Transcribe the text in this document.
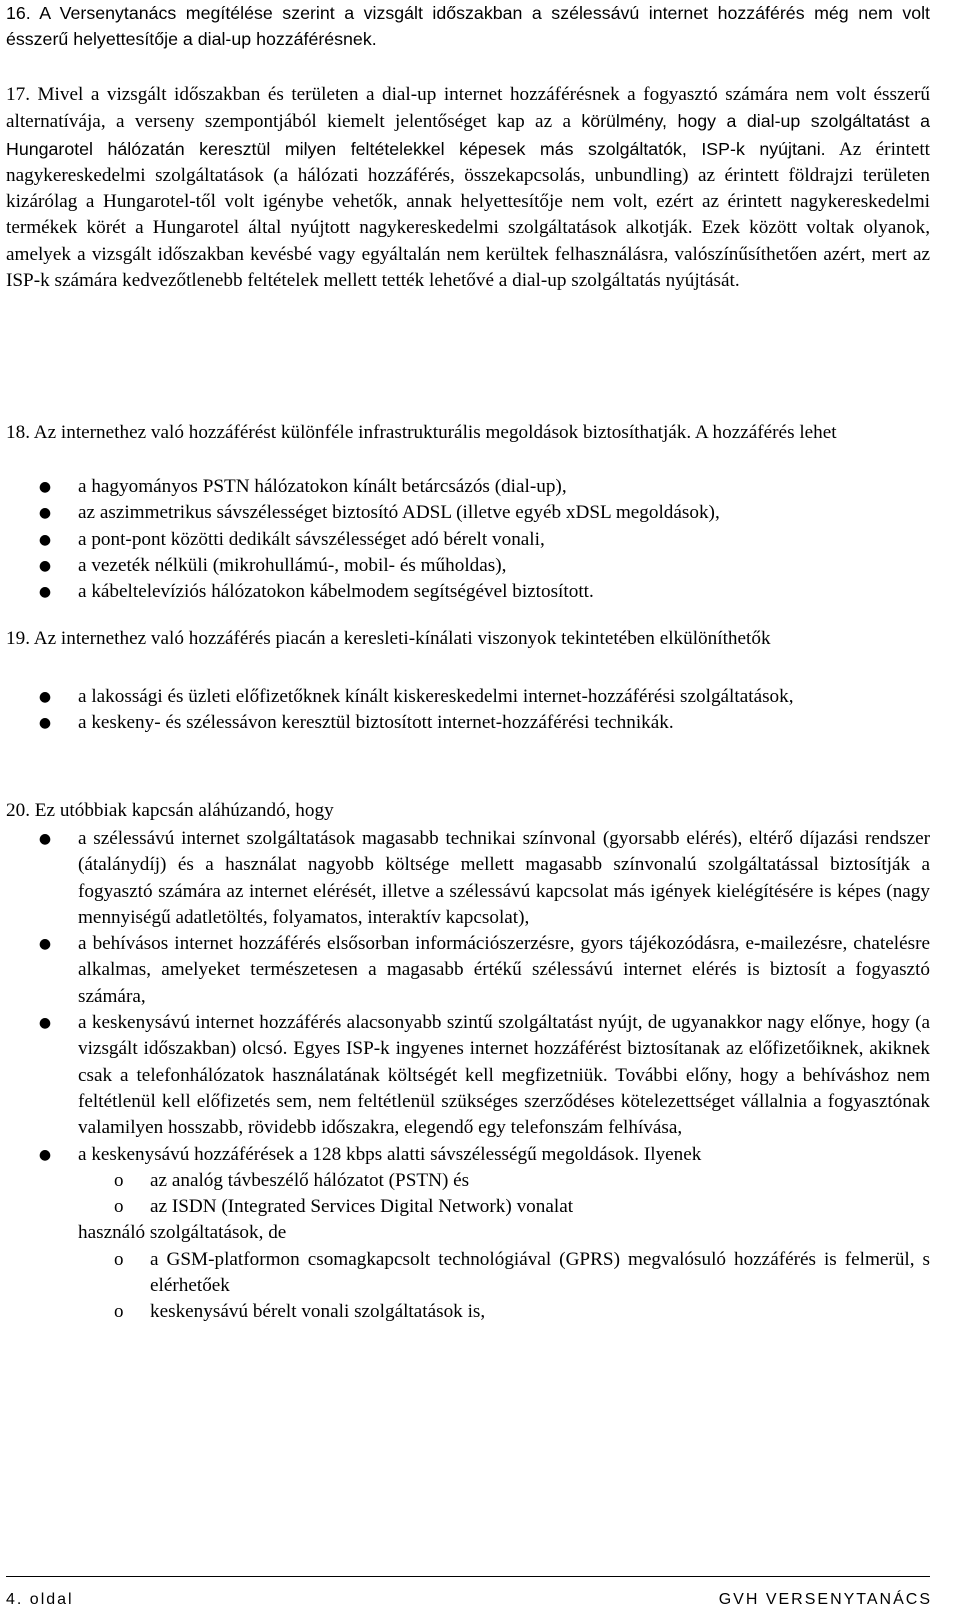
16. A Versenytanács megítélése szerint a vizsgált időszakban a szélessávú internet hozzáférés még nem volt ésszerű helyettesítője a dial-up hozzáférésnek.

17. Mivel a vizsgált időszakban és területen a dial-up internet hozzáférésnek a fogyasztó számára nem volt ésszerű alternatívája, a verseny szempontjából kiemelt jelentőséget kap az a körülmény, hogy a dial-up szolgáltatást a Hungarotel hálózatán keresztül milyen feltételekkel képesek más szolgáltatók, ISP-k nyújtani. Az érintett nagykereskedelmi szolgáltatások (a hálózati hozzáférés, összekapcsolás, unbundling) az érintett földrajzi területen kizárólag a Hungarotel-től volt igénybe vehetők, annak helyettesítője nem volt, ezért az érintett nagykereskedelmi termékek körét a Hungarotel által nyújtott nagykereskedelmi szolgáltatások alkotják. Ezek között voltak olyanok, amelyek a vizsgált időszakban kevésbé vagy egyáltalán nem kerültek felhasználásra, valószínűsíthetően azért, mert az ISP-k számára kedvezőtlenebb feltételek mellett tették lehetővé a dial-up szolgáltatás nyújtását.

18. Az internethez való hozzáférést különféle infrastrukturális megoldások biztosíthatják. A hozzáférés lehet

● a hagyományos PSTN hálózatokon kínált betárcsázós (dial-up),
● az aszimmetrikus sávszélességet biztosító ADSL (illetve egyéb xDSL megoldások),
● a pont-pont közötti dedikált sávszélességet adó bérelt vonali,
● a vezeték nélküli (mikrohullámú-, mobil- és műholdas),
● a kábeltelevíziós hálózatokon kábelmodem segítségével biztosított.

19. Az internethez való hozzáférés piacán a keresleti-kínálati viszonyok tekintetében elkülöníthetők

● a lakossági és üzleti előfizetőknek kínált kiskereskedelmi internet-hozzáférési szolgáltatások,
● a keskeny- és szélessávon keresztül biztosított internet-hozzáférési technikák.

20. Ez utóbbiak kapcsán aláhúzandó, hogy

● a szélessávú internet szolgáltatások magasabb technikai színvonal (gyorsabb elérés), eltérő díjazási rendszer (átalánydíj) és a használat nagyobb költsége mellett magasabb színvonalú szolgáltatással biztosítják a fogyasztó számára az internet elérését, illetve a szélessávú kapcsolat más igények kielégítésére is képes (nagy mennyiségű adatletöltés, folyamatos, interaktív kapcsolat),
● a behívásos internet hozzáférés elsősorban információszerzésre, gyors tájékozódásra, e-mailezésre, chatelésre alkalmas, amelyeket természetesen a magasabb értékű szélessávú internet elérés is biztosít a fogyasztó számára,
● a keskenysávú internet hozzáférés alacsonyabb szintű szolgáltatást nyújt, de ugyanakkor nagy előnye, hogy (a vizsgált időszakban) olcsó. Egyes ISP-k ingyenes internet hozzáférést biztosítanak az előfizetőiknek, akiknek csak a telefonhálózatok használatának költségét kell megfizetniük. További előny, hogy a behíváshoz nem feltétlenül kell előfizetés sem, nem feltétlenül szükséges szerződéses kötelezettséget vállalnia a fogyasztónak valamilyen hosszabb, rövidebb időszakra, elegendő egy telefonszám felhívása,
● a keskenysávú hozzáférések a 128 kbps alatti sávszélességű megoldások. Ilyenek
o	az analóg távbeszélő hálózatot (PSTN) és
o	az ISDN (Integrated Services Digital Network) vonalat
használó szolgáltatások, de
o	a GSM-platformon csomagkapcsolt technológiával (GPRS) megvalósuló hozzáférés is felmerül, s elérhetőek
o	keskenysávú bérelt vonali szolgáltatások is,
4. oldal	GVH VERSENYTANÁCS
